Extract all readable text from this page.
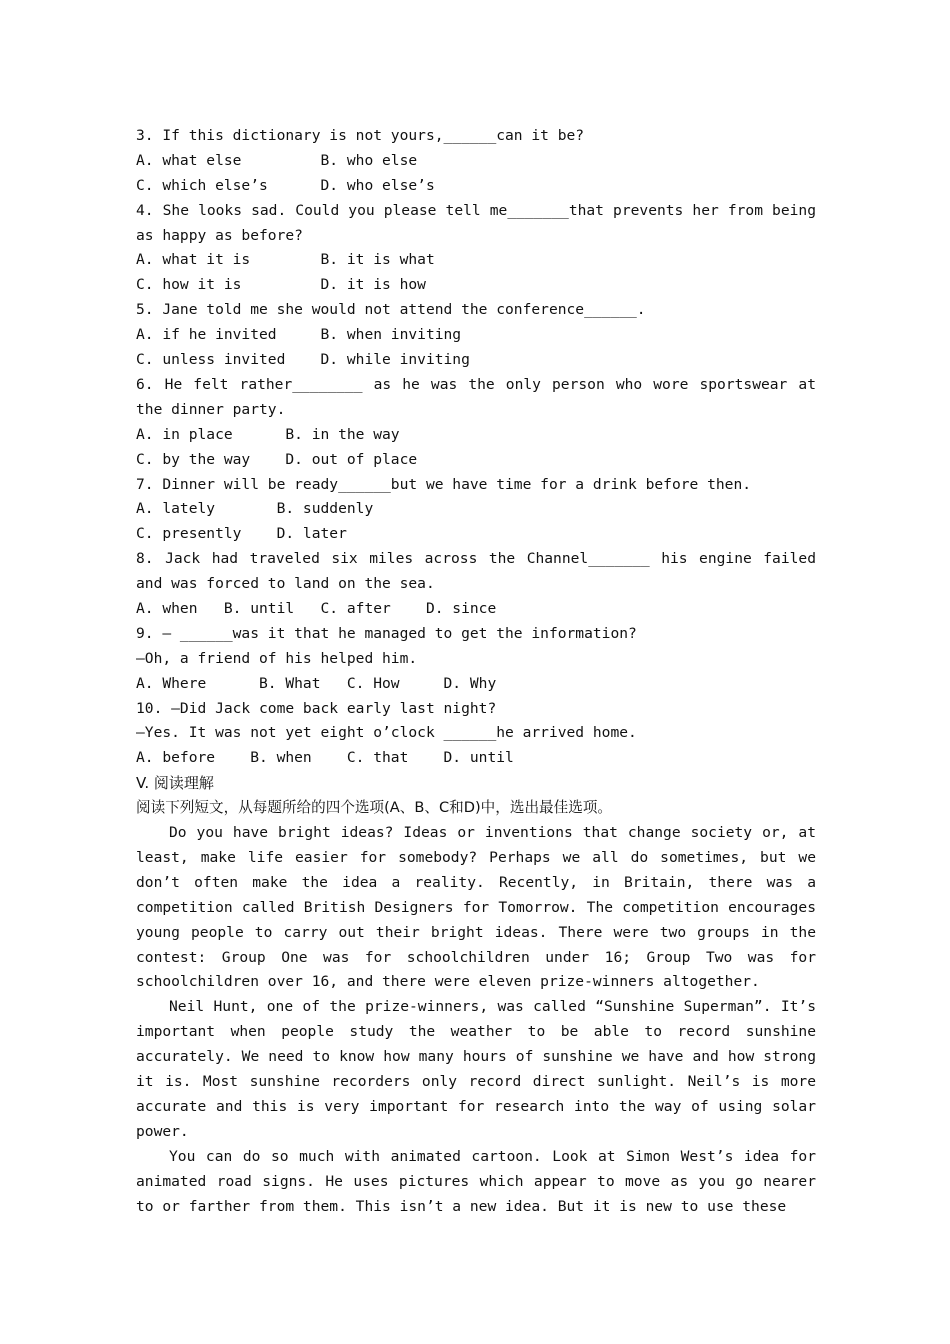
3. If this dictionary is not yours,______can it be?
A. what else         B. who else
C. which else’s      D. who else’s
4. She looks sad. Could you please tell me_______that prevents her from being as happy as before?
A. what it is        B. it is what
C. how it is         D. it is how
5. Jane told me she would not attend the conference______.
A. if he invited     B. when inviting
C. unless invited    D. while inviting
6. He felt rather________ as he was the only person who wore sportswear at the dinner party.
A. in place      B. in the way
C. by the way    D. out of place
7. Dinner will be ready______but we have time for a drink before then.
A. lately       B. suddenly
C. presently    D. later
8. Jack had traveled six miles across the Channel_______ his engine failed and was forced to land on the sea.
A. when   B. until   C. after    D. since
9. — ______was it that he managed to get the information?
—Oh, a friend of his helped him.
A. Where      B. What   C. How     D. Why
10. —Did Jack come back early last night?
—Yes. It was not yet eight o’clock ______he arrived home.
A. before    B. when    C. that    D. until
V. 阅读理解
阅读下列短文，从每题所给的四个选项(A、B、C和D)中，选出最佳选项。
Do you have bright ideas? Ideas or inventions that change society or, at least, make life easier for somebody? Perhaps we all do sometimes, but we don’t often make the idea a reality. Recently, in Britain, there was a competition called British Designers for Tomorrow. The competition encourages young people to carry out their bright ideas. There were two groups in the contest: Group One was for schoolchildren under 16; Group Two was for schoolchildren over 16, and there were eleven prize-winners altogether.
Neil Hunt, one of the prize-winners, was called “Sunshine Superman”. It’s important when people study the weather to be able to record sunshine accurately. We need to know how many hours of sunshine we have and how strong it is. Most sunshine recorders only record direct sunlight. Neil’s is more accurate and this is very important for research into the way of using solar power.
You can do so much with animated cartoon. Look at Simon West’s idea for animated road signs. He uses pictures which appear to move as you go nearer to or farther from them. This isn’t a new idea. But it is new to use these
